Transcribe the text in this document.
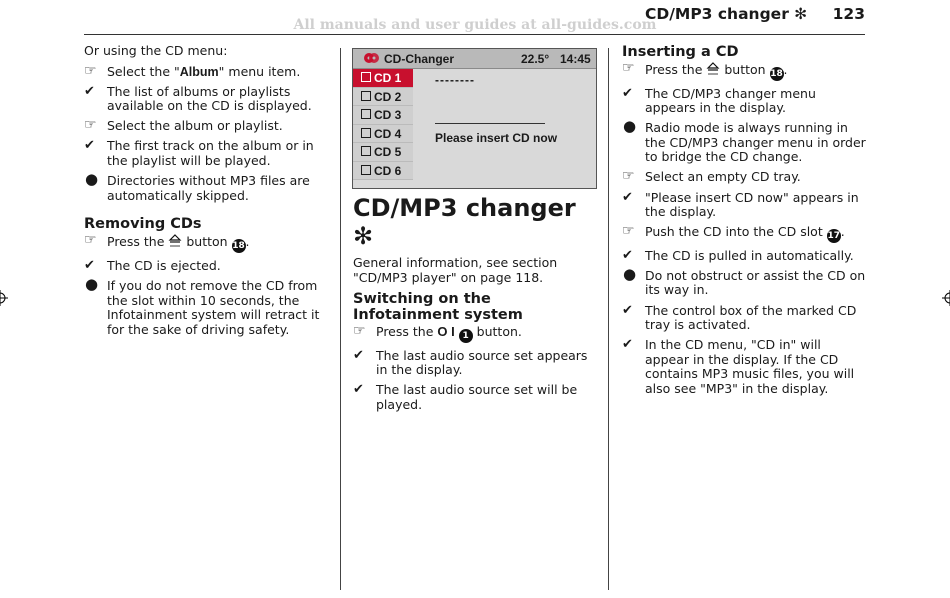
All manuals and user guides at all-guides.com
CD/MP3 changer ✻ 123

Or using the CD menu:

☞ Select the "Album" menu item.
✔ The list of albums or playlists available on the CD is displayed.
☞ Select the album or playlist.
✔ The first track on the album or in the playlist will be played.
● Directories without MP3 files are automatically skipped.
Removing CDs
☞ Press the  button 18.
✔ The CD is ejected.
● If you do not remove the CD from the slot within 10 seconds, the Infotainment system will retract it for the sake of driving safety.
CD-Changer	22.5° 14:45
CD 1
CD 2
CD 3
CD 4
CD 5
CD 6
--------
Please insert CD now
CD/MP3 changer ✻

General information, see section "CD/MP3 player" on page 118.

Switching on the Infotainment system
☞ Press the O I 1 button.
✔ The last audio source set appears in the display.
✔ The last audio source set will be played.
Inserting a CD
☞ Press the  button 18.
✔ The CD/MP3 changer menu appears in the display.
● Radio mode is always running in the CD/MP3 changer menu in order to bridge the CD change.
☞ Select an empty CD tray.
✔ "Please insert CD now" appears in the display.
☞ Push the CD into the CD slot 17.
✔ The CD is pulled in automatically.
● Do not obstruct or assist the CD on its way in.
✔ The control box of the marked CD tray is activated.
✔ In the CD menu, "CD in" will appear in the display. If the CD contains MP3 music files, you will also see "MP3" in the display.
